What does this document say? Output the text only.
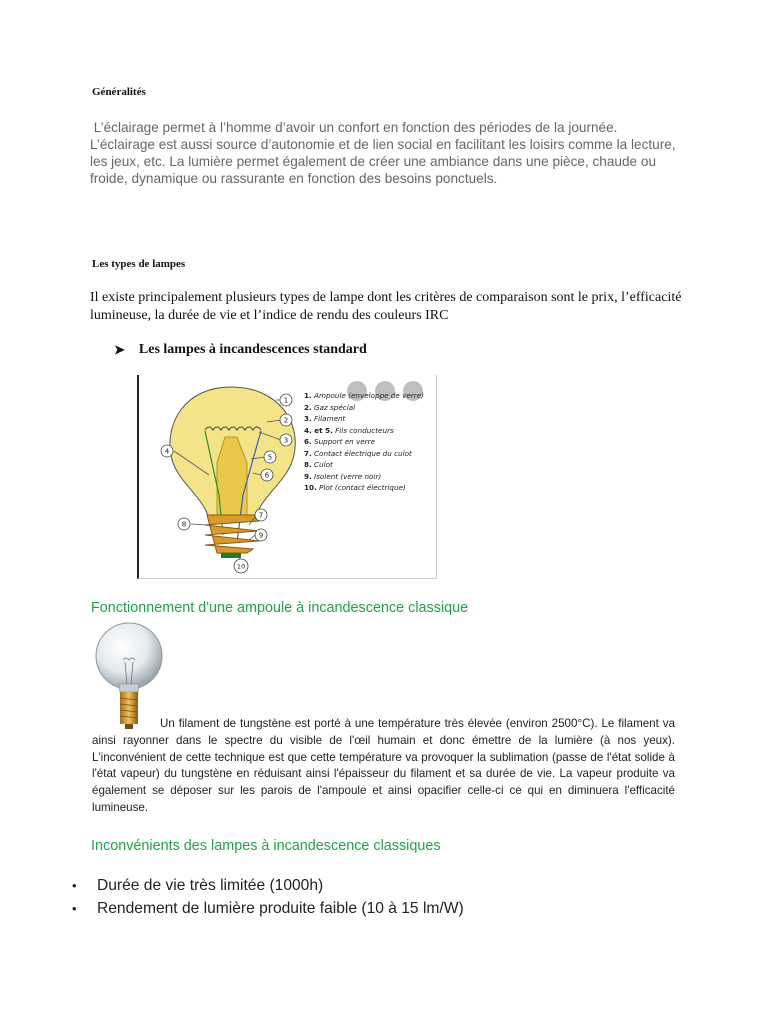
Généralités
L’éclairage permet à l’homme d’avoir un confort en fonction des périodes de la journée. L’éclairage est aussi source d’autonomie et de lien social en facilitant les loisirs comme la lecture, les jeux, etc. La lumière permet également de créer une ambiance dans une pièce, chaude ou froide, dynamique ou rassurante en fonction des besoins ponctuels.
Les types de lampes
Il existe principalement plusieurs types de lampe dont les critères de comparaison sont le prix, l’efficacité lumineuse, la durée de vie et l’indice de rendu des couleurs IRC
➤ Les lampes à incandescences standard
1
2
3
4
5
6
7
8
9
10
1. Ampoule (enveloppe de verre)
2. Gaz spécial
3. Filament
4. et 5. Fils conducteurs
6. Support en verre
7. Contact électrique du culot
8. Culot
9. Isolent (verre noir)
10. Plot (contact électrique)
Fonctionnement d'une ampoule à incandescence classique
Un filament de tungstène est porté à une température très élevée (environ 2500°C). Le filament va ainsi rayonner dans le spectre du visible de l'œil humain et donc émettre de la lumière (à nos yeux). L'inconvénient de cette technique est que cette température va provoquer la sublimation (passe de l'état solide à l'état vapeur) du tungstène en réduisant ainsi l'épaisseur du filament et sa durée de vie. La vapeur produite va également se déposer sur les parois de l'ampoule et ainsi opacifier celle-ci ce qui en diminuera l'efficacité lumineuse.
Inconvénients des lampes à incandescence classiques
•	Durée de vie très limitée (1000h)
•	Rendement de lumière produite faible (10 à 15 lm/W)
